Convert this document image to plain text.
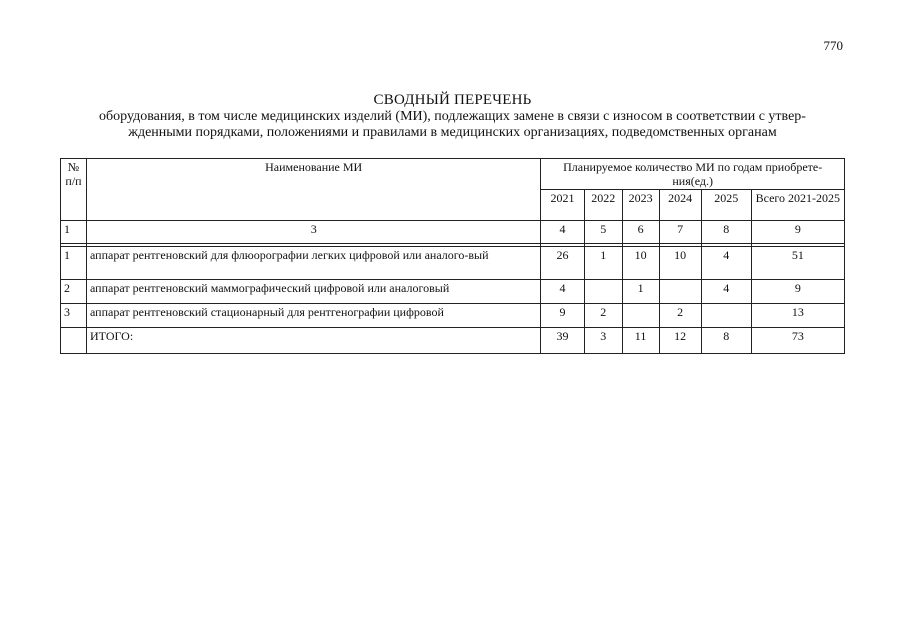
770
СВОДНЫЙ ПЕРЕЧЕНЬ
оборудования, в том числе медицинских изделий (МИ), подлежащих замене в связи с износом в соответствии с утвер-
жденными порядками, положениями и правилами в медицинских организациях, подведомственных органам
№ п/п	Наименование МИ	Планируемое количество МИ по годам приобрете-ния(ед.)					
		2021	2022	2023	2024	2025	Всего 2021-2025
1	3	4	5	6	7	8	9

1	аппарат рентгеновский для флюорографии легких цифровой или аналого-вый	26	1	10	10	4	51
2	аппарат рентгеновский маммографический цифровой или аналоговый	4		1		4	9
3	аппарат рентгеновский стационарный для рентгенографии цифровой	9	2		2		13
	ИТОГО:	39	3	11	12	8	73
